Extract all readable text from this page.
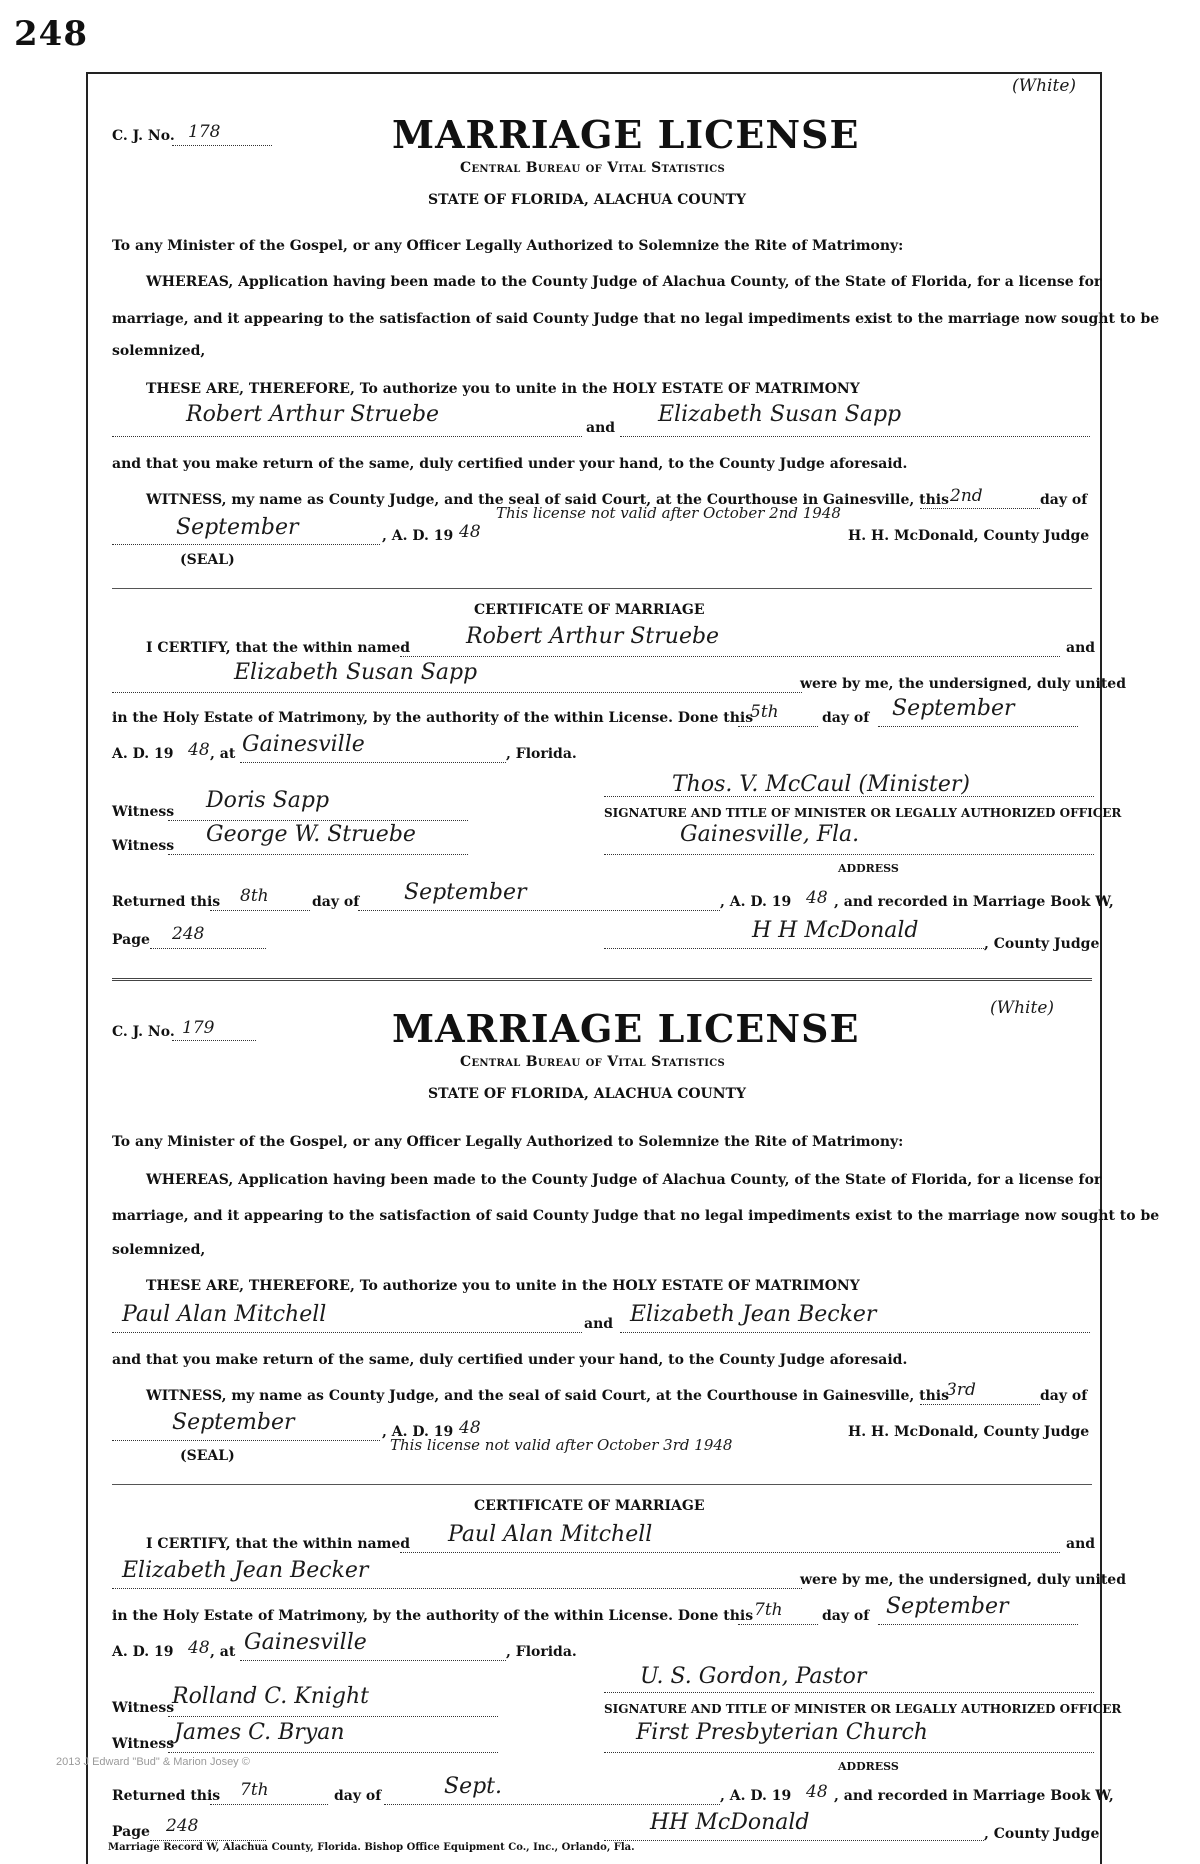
248
(White)
C. J. No. 178	MARRIAGE LICENSE
Central Bureau of Vital Statistics
STATE OF FLORIDA, ALACHUA COUNTY
To any Minister of the Gospel, or any Officer Legally Authorized to Solemnize the Rite of Matrimony:
WHEREAS, Application having been made to the County Judge of Alachua County, of the State of Florida, for a license for
marriage, and it appearing to the satisfaction of said County Judge that no legal impediments exist to the marriage now sought to be
solemnized,
THESE ARE, THEREFORE, To authorize you to unite in the HOLY ESTATE OF MATRIMONY
Robert Arthur Struebe
and
Elizabeth Susan Sapp
and that you make return of the same, duly certified under your hand, to the County Judge aforesaid.
WITNESS, my name as County Judge, and the seal of said Court, at the Courthouse in Gainesville, this 2nd	day of
September	, A. D. 19 48
This license not valid after October 2nd 1948
H. H. McDonald, County Judge
(SEAL)
CERTIFICATE OF MARRIAGE
I CERTIFY, that the within named	Robert Arthur Struebe	and
Elizabeth Susan Sapp	were by me, the undersigned, duly united
in the Holy Estate of Matrimony, by the authority of the within License. Done this
5th	day of September
A. D. 19 48 , at Gainesville	, Florida.
Thos. V. McCaul (Minister)
Witness Doris Sapp	SIGNATURE AND TITLE OF MINISTER OR LEGALLY AUTHORIZED OFFICER
Witness George W. Struebe	Gainesville, Fla.
ADDRESS
Returned this 8th	day of September	, A. D. 19 48 , and recorded in Marriage Book W,
Page 248	H H McDonald
, County Judge
(White)
C. J. No. 179	MARRIAGE LICENSE
Central Bureau of Vital Statistics
STATE OF FLORIDA, ALACHUA COUNTY
To any Minister of the Gospel, or any Officer Legally Authorized to Solemnize the Rite of Matrimony:
WHEREAS, Application having been made to the County Judge of Alachua County, of the State of Florida, for a license for
marriage, and it appearing to the satisfaction of said County Judge that no legal impediments exist to the marriage now sought to be
solemnized,
THESE ARE, THEREFORE, To authorize you to unite in the HOLY ESTATE OF MATRIMONY
Paul Alan Mitchell	and Elizabeth Jean Becker
and that you make return of the same, duly certified under your hand, to the County Judge aforesaid.
WITNESS, my name as County Judge, and the seal of said Court, at the Courthouse in Gainesville, this
3rd	day of
September	, A. D. 19 48
This license not valid after October 3rd 1948
H. H. McDonald, County Judge
(SEAL)
CERTIFICATE OF MARRIAGE
I CERTIFY, that the within named Paul Alan Mitchell	and
Elizabeth Jean Becker	were by me, the undersigned, duly united
in the Holy Estate of Matrimony, by the authority of the within License. Done this 7th	day of September
A. D. 19 48 , at Gainesville	, Florida.
U. S. Gordon, Pastor
Witness
Rolland C. Knight	SIGNATURE AND TITLE OF MINISTER OR LEGALLY AUTHORIZED OFFICER
Witness James C. Bryan	First Presbyterian Church
ADDRESS
Returned this 7th	day of	Sept.	, A. D. 19 48 , and recorded in Marriage Book W,
Page 248	HH McDonald	, County Judge
Marriage Record W, Alachua County, Florida. Bishop Office Equipment Co., Inc., Orlando, Fla.
2013 J Edward "Bud" & Marion Josey ©
